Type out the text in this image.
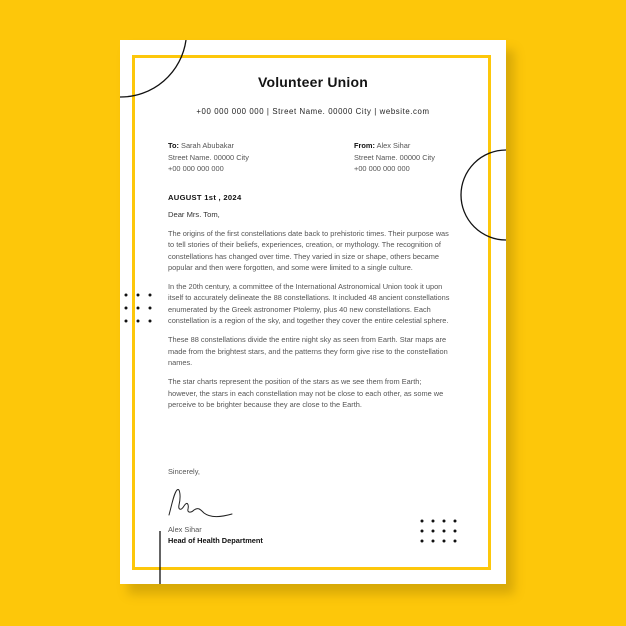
Volunteer Union
+00 000 000 000 | Street Name. 00000 City | website.com
To: Sarah Abubakar
Street Name. 00000 City
+00 000 000 000
From: Alex Sihar
Street Name. 00000 City
+00 000 000 000
AUGUST 1st , 2024
Dear Mrs. Tom,

The origins of the first constellations date back to prehistoric times. Their purpose was to tell stories of their beliefs, experiences, creation, or mythology. The recognition of constellations has changed over time. They varied in size or shape, others became popular and then were forgotten, and some were limited to a single culture.

In the 20th century, a committee of the International Astronomical Union took it upon itself to accurately delineate the 88 constellations. It included 48 ancient constellations enumerated by the Greek astronomer Ptolemy, plus 40 new constellations. Each constellation is a region of the sky, and together they cover the entire celestial sphere.

These 88 constellations divide the entire night sky as seen from Earth. Star maps are made from the brightest stars, and the patterns they form give rise to the constellation names.

The star charts represent the position of the stars as we see them from Earth; however, the stars in each constellation may not be close to each other, as some we perceive to be brighter because they are close to the Earth.

Sincerely,
Alex Sihar
Head of Health Department
